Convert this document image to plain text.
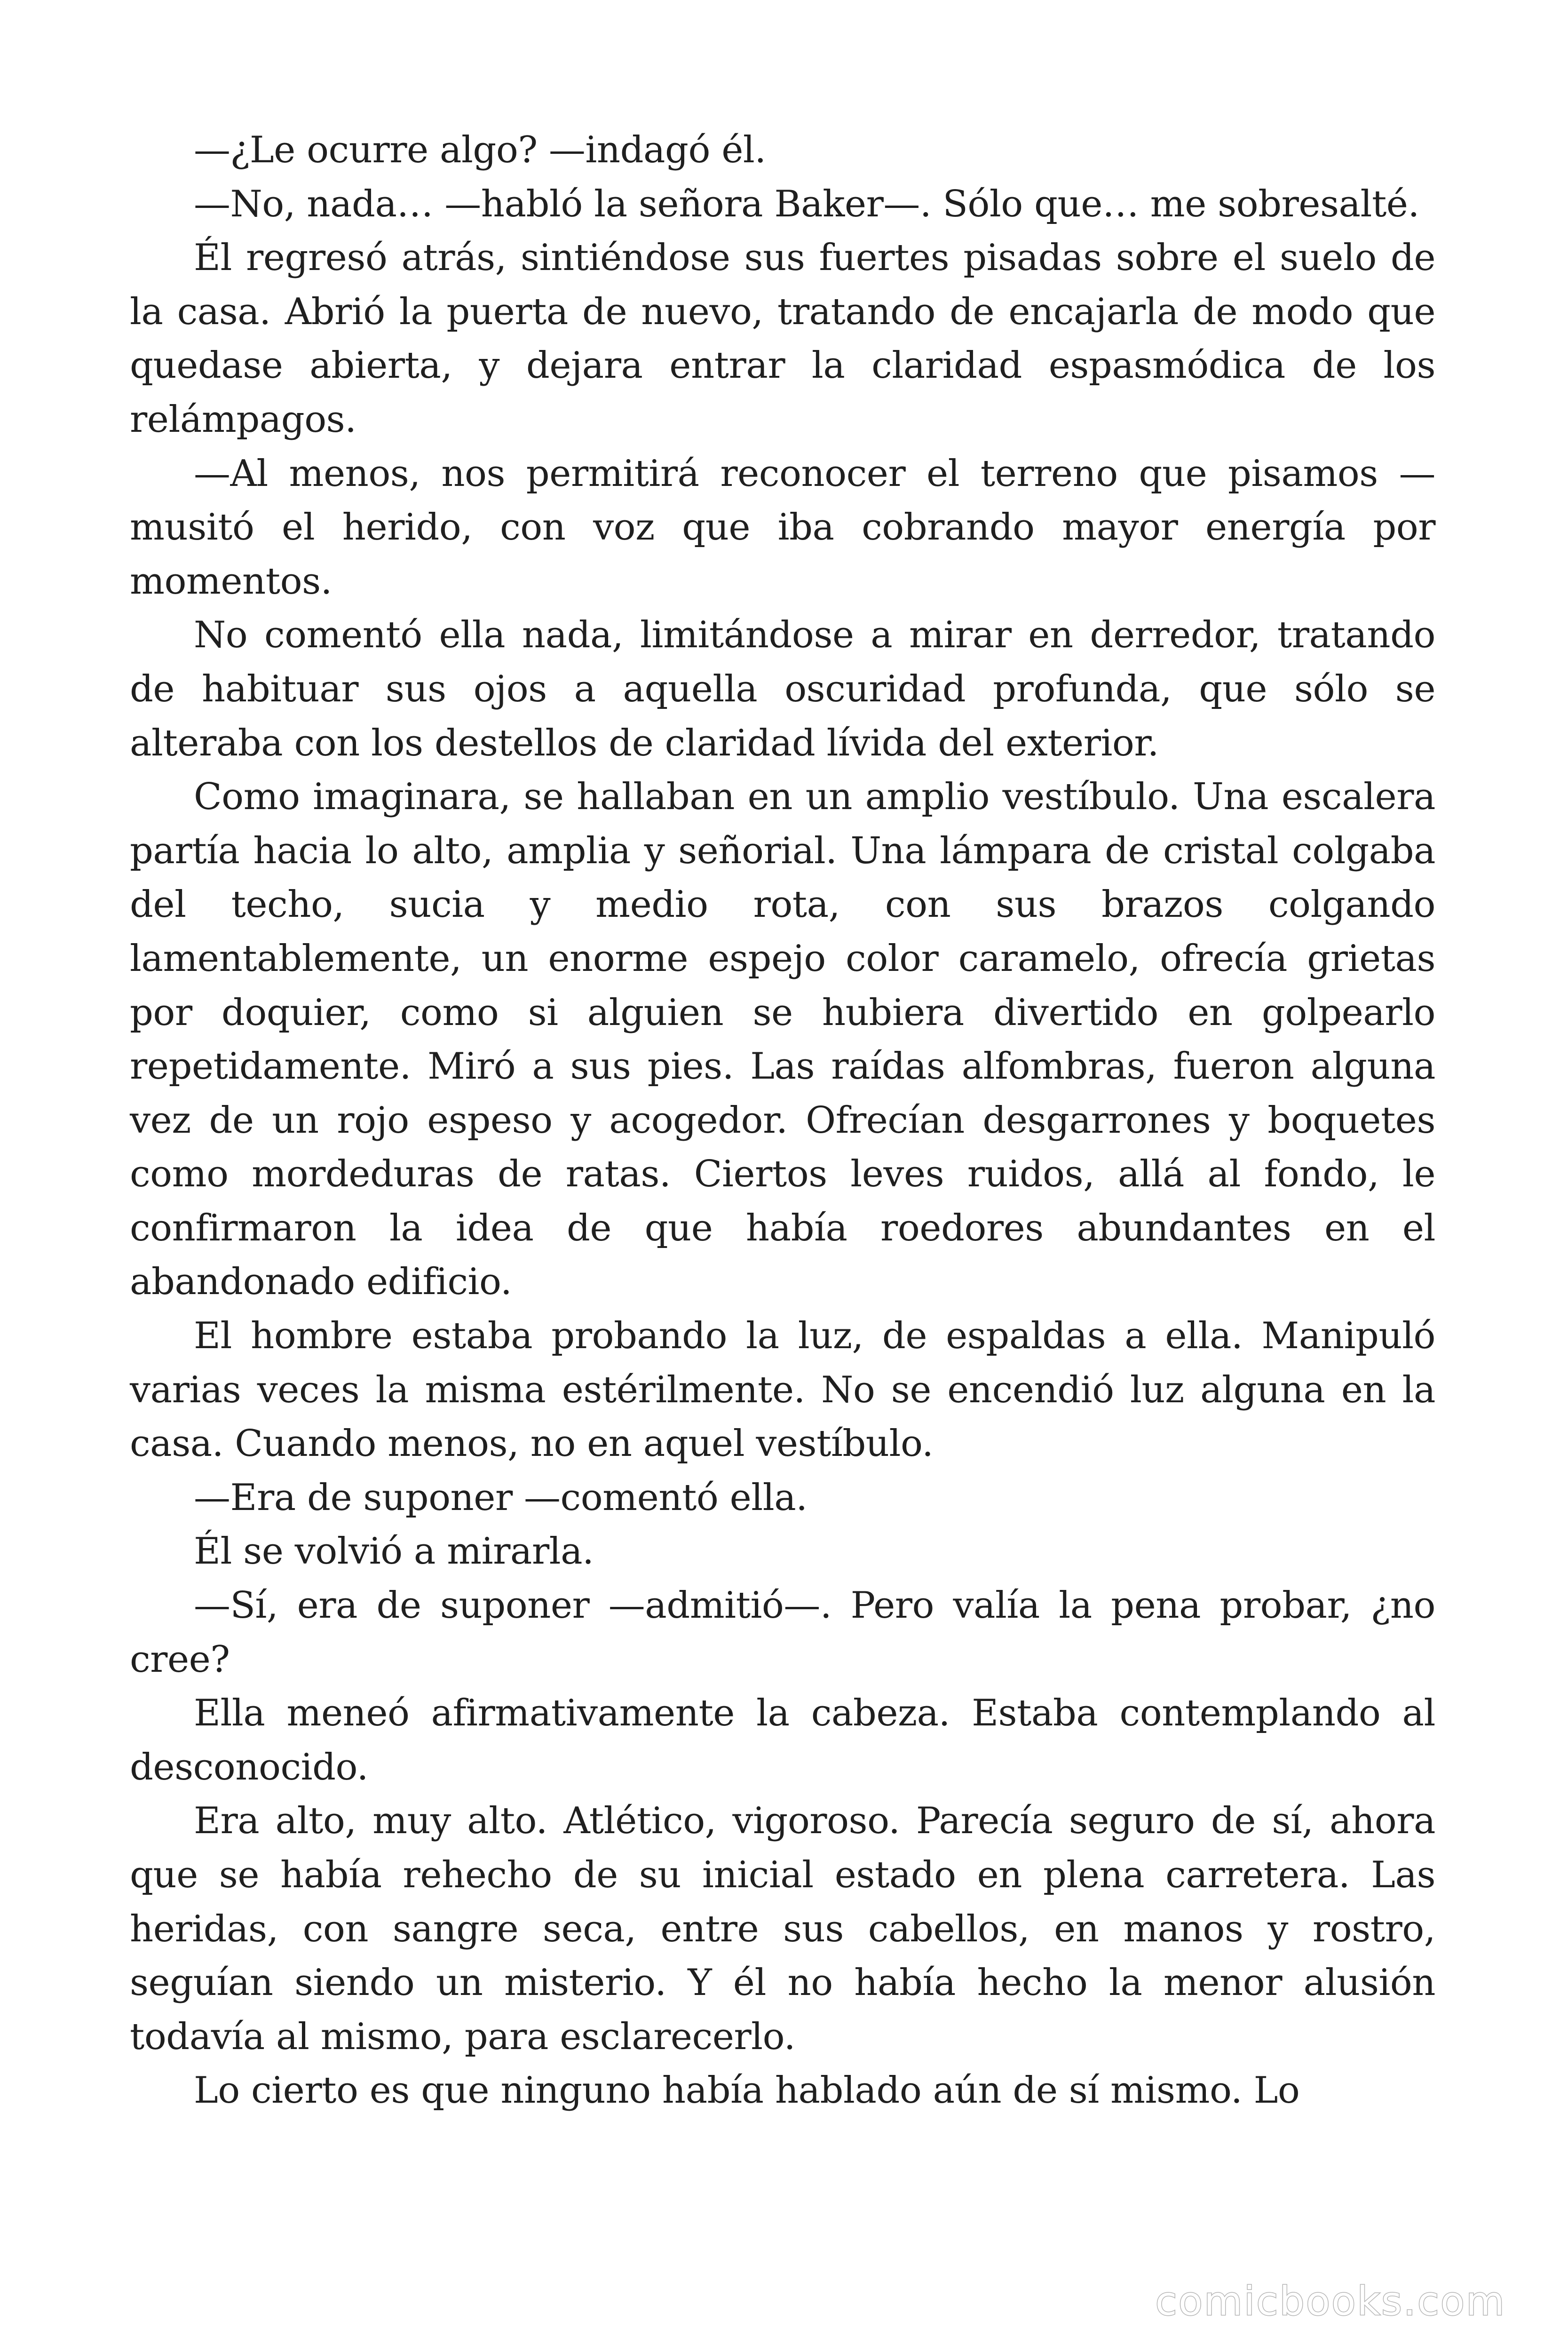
—¿Le ocurre algo? —indagó él.

—No, nada… —habló la señora Baker—. Sólo que… me sobresalté.

Él regresó atrás, sintiéndose sus fuertes pisadas sobre el suelo de la casa. Abrió la puerta de nuevo, tratando de encajarla de modo que quedase abierta, y dejara entrar la claridad espasmódica de los relámpagos.

—Al menos, nos permitirá reconocer el terreno que pisamos — musitó el herido, con voz que iba cobrando mayor energía por momentos.

No comentó ella nada, limitándose a mirar en derredor, tratando de habituar sus ojos a aquella oscuridad profunda, que sólo se alteraba con los destellos de claridad lívida del exterior.

Como imaginara, se hallaban en un amplio vestíbulo. Una escalera partía hacia lo alto, amplia y señorial. Una lámpara de cristal colgaba del techo, sucia y medio rota, con sus brazos colgando lamentablemente, un enorme espejo color caramelo, ofrecía grietas por doquier, como si alguien se hubiera divertido en golpearlo repetidamente. Miró a sus pies. Las raídas alfombras, fueron alguna vez de un rojo espeso y acogedor. Ofrecían desgarrones y boquetes como mordeduras de ratas. Ciertos leves ruidos, allá al fondo, le confirmaron la idea de que había roedores abundantes en el abandonado edificio.

El hombre estaba probando la luz, de espaldas a ella. Manipuló varias veces la misma estérilmente. No se encendió luz alguna en la casa. Cuando menos, no en aquel vestíbulo.

—Era de suponer —comentó ella.

Él se volvió a mirarla.

—Sí, era de suponer —admitió—. Pero valía la pena probar, ¿no cree?

Ella meneó afirmativamente la cabeza. Estaba contemplando al desconocido.

Era alto, muy alto. Atlético, vigoroso. Parecía seguro de sí, ahora que se había rehecho de su inicial estado en plena carretera. Las heridas, con sangre seca, entre sus cabellos, en manos y rostro, seguían siendo un misterio. Y él no había hecho la menor alusión todavía al mismo, para esclarecerlo.

Lo cierto es que ninguno había hablado aún de sí mismo. Lo

comicbooks.com
